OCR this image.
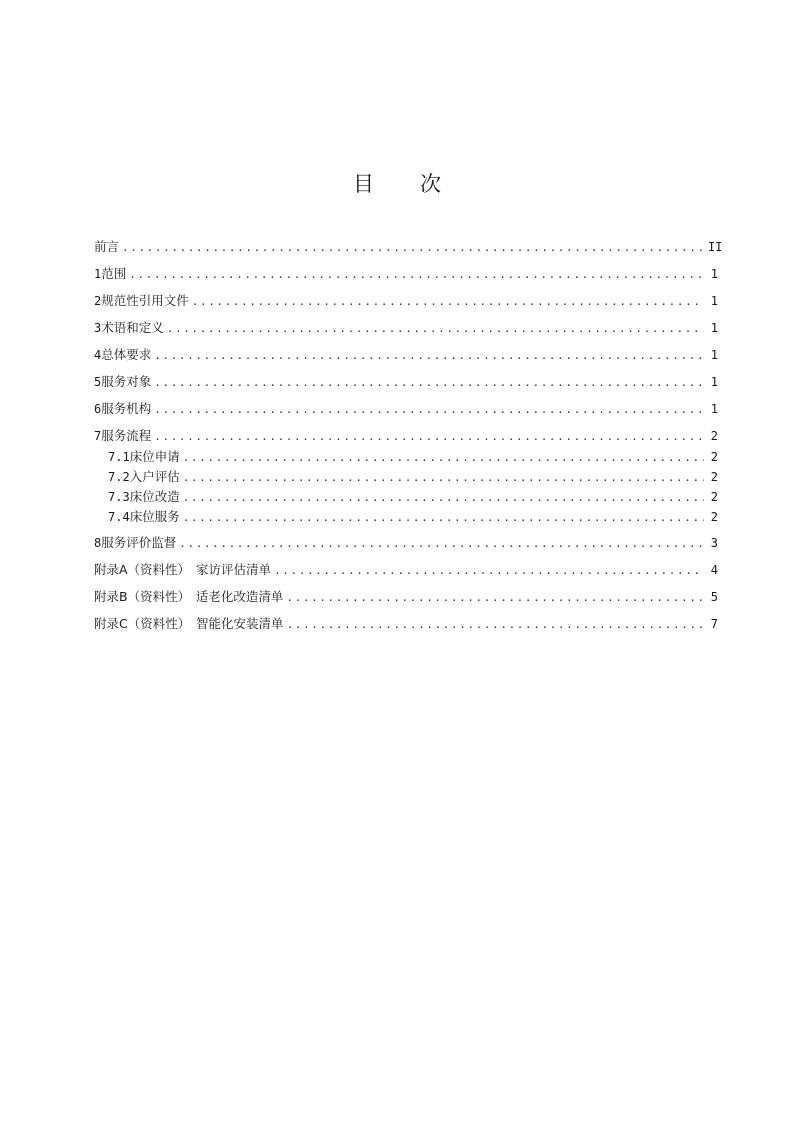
目 次
前言 .....	II
1 范围 .....	1
2 规范性引用文件 .....	1
3 术语和定义 .....	1
4 总体要求 .....	1
5 服务对象 .....	1
6 服务机构 .....	1
7 服务流程 .....	2
7.1 床位申请 .....	2
7.2 入户评估 .....	2
7.3 床位改造 .....	2
7.4 床位服务 .....	2
8 服务评价监督 .....	3
附录A（资料性） 家访评估清单 .....	4
附录B（资料性） 适老化改造清单 .....	5
附录C（资料性） 智能化安装清单 .....	7
